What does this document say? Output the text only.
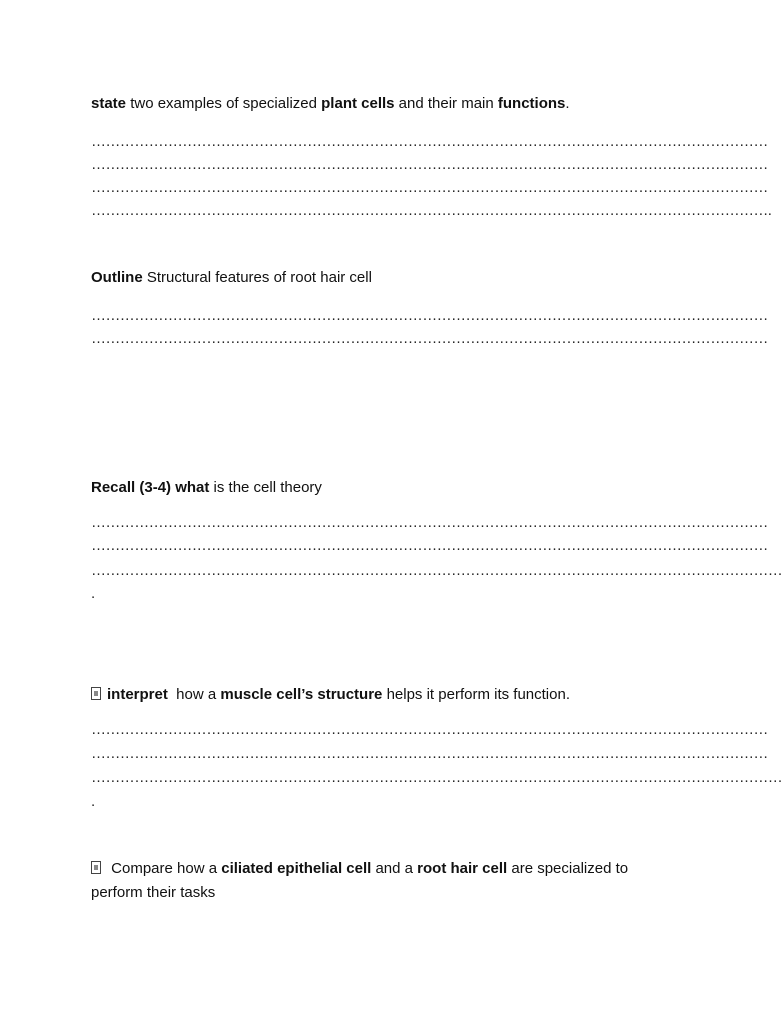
state two examples of specialized plant cells and their main functions.
……………………………………………………………………………………………………………………………
……………………………………………………………………………………………………………………………
……………………………………………………………………………………………………………………………
…………………………………………………………………………………………………………………………….
Outline Structural features of root hair cell
……………………………………………………………………………………………………………………………
……………………………………………………………………………………………………………………………
Recall (3-4) what is the cell theory
……………………………………………………………………………………………………………………………
……………………………………………………………………………………………………………………………
………………………………………………………………………………………………………………………………
.
interpret  how a muscle cell’s structure helps it perform its function.
……………………………………………………………………………………………………………………………
……………………………………………………………………………………………………………………………
………………………………………………………………………………………………………………………………
.
Compare how a ciliated epithelial cell and a root hair cell are specialized to perform their tasks
